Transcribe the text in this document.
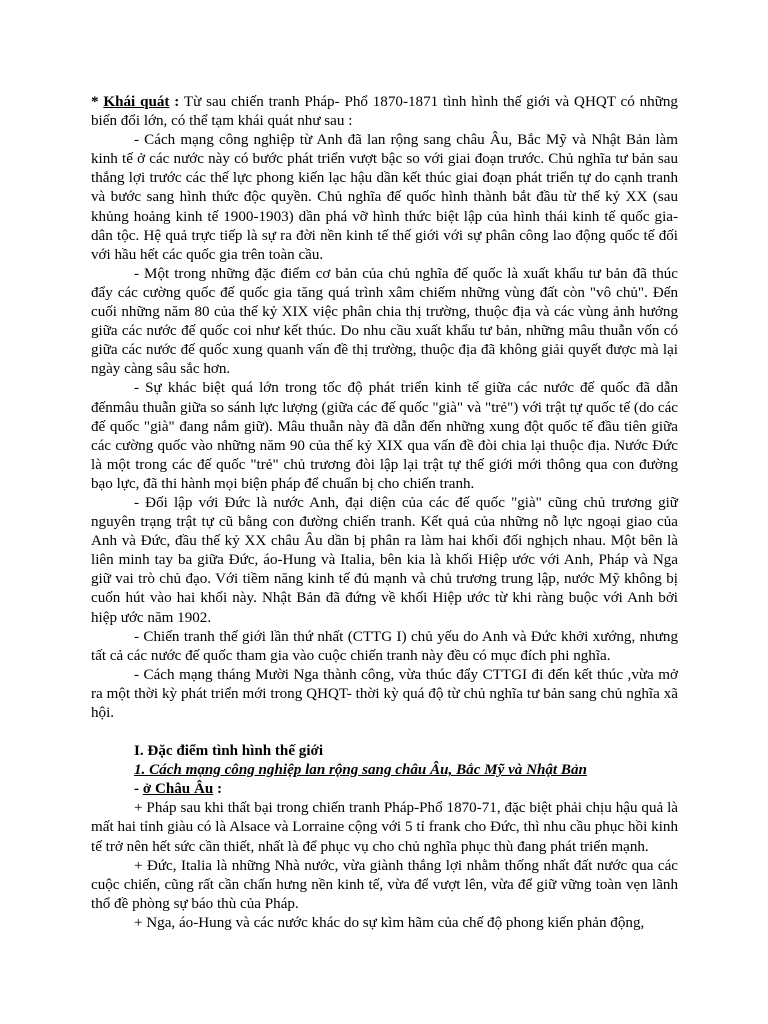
* Khái quát : Từ sau chiến tranh Pháp- Phổ 1870-1871 tình hình thế giới và QHQT có những biến đổi lớn, có thể tạm khái quát như sau :

- Cách mạng công nghiệp từ Anh đã lan rộng sang châu Âu, Bắc Mỹ và Nhật Bản làm kinh tế ở các nước này có bước phát triển vượt bậc so với giai đoạn trước. Chủ nghĩa tư bản sau thắng lợi trước các thế lực phong kiến lạc hậu dần kết thúc giai đoạn phát triển tự do cạnh tranh và bước sang hình thức độc quyền. Chủ nghĩa đế quốc hình thành bắt đầu từ thế kỷ XX (sau khủng hoảng kinh tế 1900-1903) dần phá vỡ hình thức biệt lập của hình thái kinh tế quốc gia-dân tộc. Hệ quả trực tiếp là sự ra đời nền kinh tế thế giới với sự phân công lao động quốc tế đối với hầu hết các quốc gia trên toàn cầu.

- Một trong những đặc điểm cơ bản của chủ nghĩa đế quốc là xuất khẩu tư bản đã thúc đẩy các cường quốc đế quốc gia tăng quá trình xâm chiếm những vùng đất còn "vô chủ". Đến cuối những năm 80 của thế kỷ XIX việc phân chia thị trường, thuộc địa và các vùng ảnh hưởng giữa các nước đế quốc coi như kết thúc. Do nhu cầu xuất khẩu tư bản, những mâu thuẫn vốn có giữa các nước đế quốc xung quanh vấn đề thị trường, thuộc địa đã không giải quyết được mà lại ngày càng sâu sắc hơn.

- Sự khác biệt quá lớn trong tốc độ phát triển kinh tế giữa các nước đế quốc đã dẫn đếnmâu thuẫn giữa so sánh lực lượng (giữa các đế quốc "già" và "trẻ") với trật tự quốc tế (do các đế quốc "già" đang nắm giữ). Mâu thuẫn này đã dẫn đến những xung đột quốc tế đầu tiên giữa các cường quốc vào những năm 90 của thế kỷ XIX qua vấn đề đòi chia lại thuộc địa. Nước Đức là một trong các đế quốc "trẻ" chủ trương đòi lập lại trật tự thế giới mới thông qua con đường bạo lực, đã thi hành mọi biện pháp để chuẩn bị cho chiến tranh.

- Đối lập với Đức là nước Anh, đại diện của các đế quốc "già" cũng chủ trương giữ nguyên trạng trật tự cũ bằng con đường chiến tranh. Kết quả của những nỗ lực ngoại giao của Anh và Đức, đầu thế kỷ XX châu Âu dần bị phân ra làm hai khối đối nghịch nhau. Một bên là liên minh tay ba giữa Đức, áo-Hung và Italia, bên kia là khối Hiệp ước với Anh, Pháp và Nga giữ vai trò chủ đạo. Với tiềm năng kinh tế đủ mạnh và chủ trương trung lập, nước Mỹ không bị cuốn hút vào hai khối này. Nhật Bản đã đứng về khối Hiệp ước từ khi ràng buộc với Anh bởi hiệp ước năm 1902.

- Chiến tranh thế giới lần thứ nhất (CTTG I) chủ yếu do Anh và Đức khởi xướng, nhưng tất cả các nước đế quốc tham gia vào cuộc chiến tranh này đều có mục đích phi nghĩa.

- Cách mạng tháng Mười Nga thành công, vừa thúc đẩy CTTGI đi đến kết thúc ,vừa mở ra một thời kỳ phát triển mới trong QHQT- thời kỳ quá độ từ chủ nghĩa tư bản sang chủ nghĩa xã hội.

I. Đặc điểm tình hình thế giới

1. Cách mạng công nghiệp lan rộng sang châu Âu, Bắc Mỹ và Nhật Bản

- ở Châu Âu :

+ Pháp sau khi thất bại trong chiến tranh Pháp-Phổ 1870-71, đặc biệt phải chịu hậu quả là mất hai tỉnh giàu có là Alsace và Lorraine cộng với 5 tỉ frank cho Đức, thì nhu cầu phục hồi kinh tế trở nên hết sức cần thiết, nhất là để phục vụ cho chủ nghĩa phục thù đang phát triển mạnh.

+ Đức, Italia là những Nhà nước, vừa giành thắng lợi nhằm thống nhất đất nước qua các cuộc chiến, cũng rất cần chấn hưng nền kinh tế, vừa để vượt lên, vừa để giữ vững toàn vẹn lãnh thổ đề phòng sự báo thù của Pháp.

+ Nga, áo-Hung và các nước khác do sự kìm hãm của chế độ phong kiến phản động,
